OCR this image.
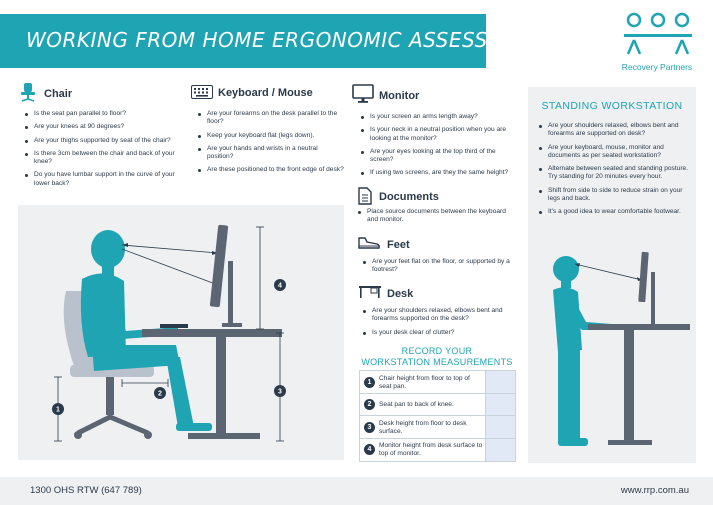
WORKING FROM HOME ERGONOMIC ASSESSMENT
Recovery Partners
Chair
Is the seat pan parallel to floor?
Are your knees at 90 degrees?
Are your thighs supported by seat of the chair?
Is there 3cm between the chair and back of your knee?
Do you have lumbar support in the curve of your lower back?
Keyboard / Mouse
Are your forearms on the desk parallel to the floor?
Keep your keyboard flat (legs down).
Are your hands and wrists in a neutral position?
Are these positioned to the front edge of desk?
Monitor
Is your screen an arms length away?
Is your neck in a neutral position when you are looking at the monitor?
Are your eyes looking at the top third of the screen?
If using two screens, are they the same height?
Documents
Place source documents between the keyboard and monitor.
Feet
Are your feet flat on the floor, or supported by a footrest?
Desk
Are your shoulders relaxed, elbows bent and forearms supported on the desk?
Is your desk clear of clutter?
STANDING WORKSTATION
Are your shoulders relaxed, elbows bent and forearms are supported on desk?
Are your keyboard, mouse, monitor and documents as per seated workstation?
Alternate between seated and standing posture. Try standing for 20 minutes every hour.
Shift from side to side to reduce strain on your legs and back.
It's a good idea to wear comfortable footwear.
1
2	3
4
RECORD YOUR
WORKSTATION MEASUREMENTS
1
Chair height from floor to top of seat pan.
2	Seat pan to back of knee.
3
Desk height from floor to desk surface.
4
Monitor height from desk surface to top of monitor.
1300 OHS RTW (647 789)	www.rrp.com.au
